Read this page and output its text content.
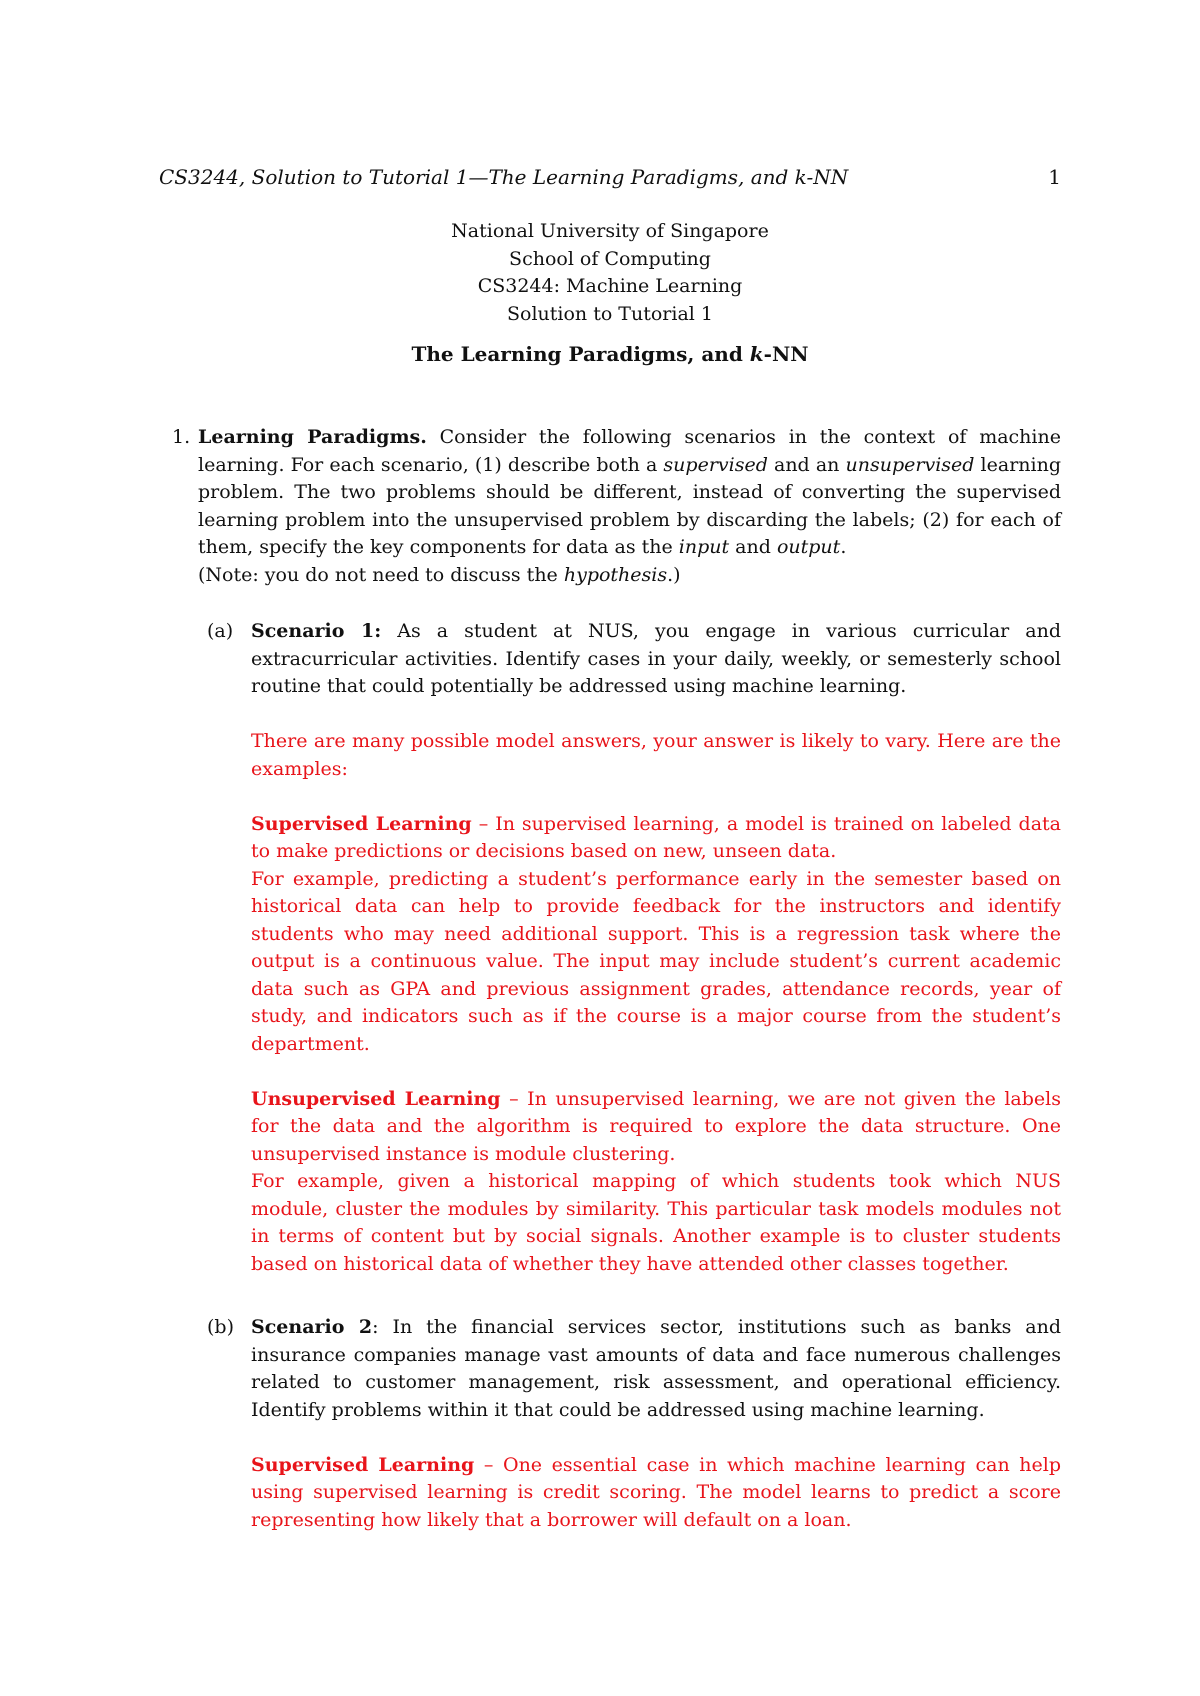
CS3244, Solution to Tutorial 1—The Learning Paradigms, and k-NN	1
National University of Singapore
School of Computing
CS3244: Machine Learning
Solution to Tutorial 1
The Learning Paradigms, and k-NN
1. Learning Paradigms. Consider the following scenarios in the context of machine learning. For each scenario, (1) describe both a supervised and an unsupervised learning problem. The two problems should be different, instead of converting the supervised learning problem into the unsupervised problem by discarding the labels; (2) for each of them, specify the key components for data as the input and output.
(Note: you do not need to discuss the hypothesis.)
(a) Scenario 1: As a student at NUS, you engage in various curricular and extracurricular activities. Identify cases in your daily, weekly, or semesterly school routine that could potentially be addressed using machine learning.
There are many possible model answers, your answer is likely to vary. Here are the examples:
Supervised Learning – In supervised learning, a model is trained on labeled data to make predictions or decisions based on new, unseen data.
For example, predicting a student’s performance early in the semester based on historical data can help to provide feedback for the instructors and identify students who may need additional support. This is a regression task where the output is a continuous value. The input may include student’s current academic data such as GPA and previous assignment grades, attendance records, year of study, and indicators such as if the course is a major course from the student’s department.
Unsupervised Learning – In unsupervised learning, we are not given the labels for the data and the algorithm is required to explore the data structure. One unsupervised instance is module clustering.
For example, given a historical mapping of which students took which NUS module, cluster the modules by similarity. This particular task models modules not in terms of content but by social signals. Another example is to cluster students based on historical data of whether they have attended other classes together.
(b) Scenario 2: In the financial services sector, institutions such as banks and insurance companies manage vast amounts of data and face numerous challenges related to customer management, risk assessment, and operational efficiency. Identify problems within it that could be addressed using machine learning.
Supervised Learning – One essential case in which machine learning can help using supervised learning is credit scoring. The model learns to predict a score representing how likely that a borrower will default on a loan.
